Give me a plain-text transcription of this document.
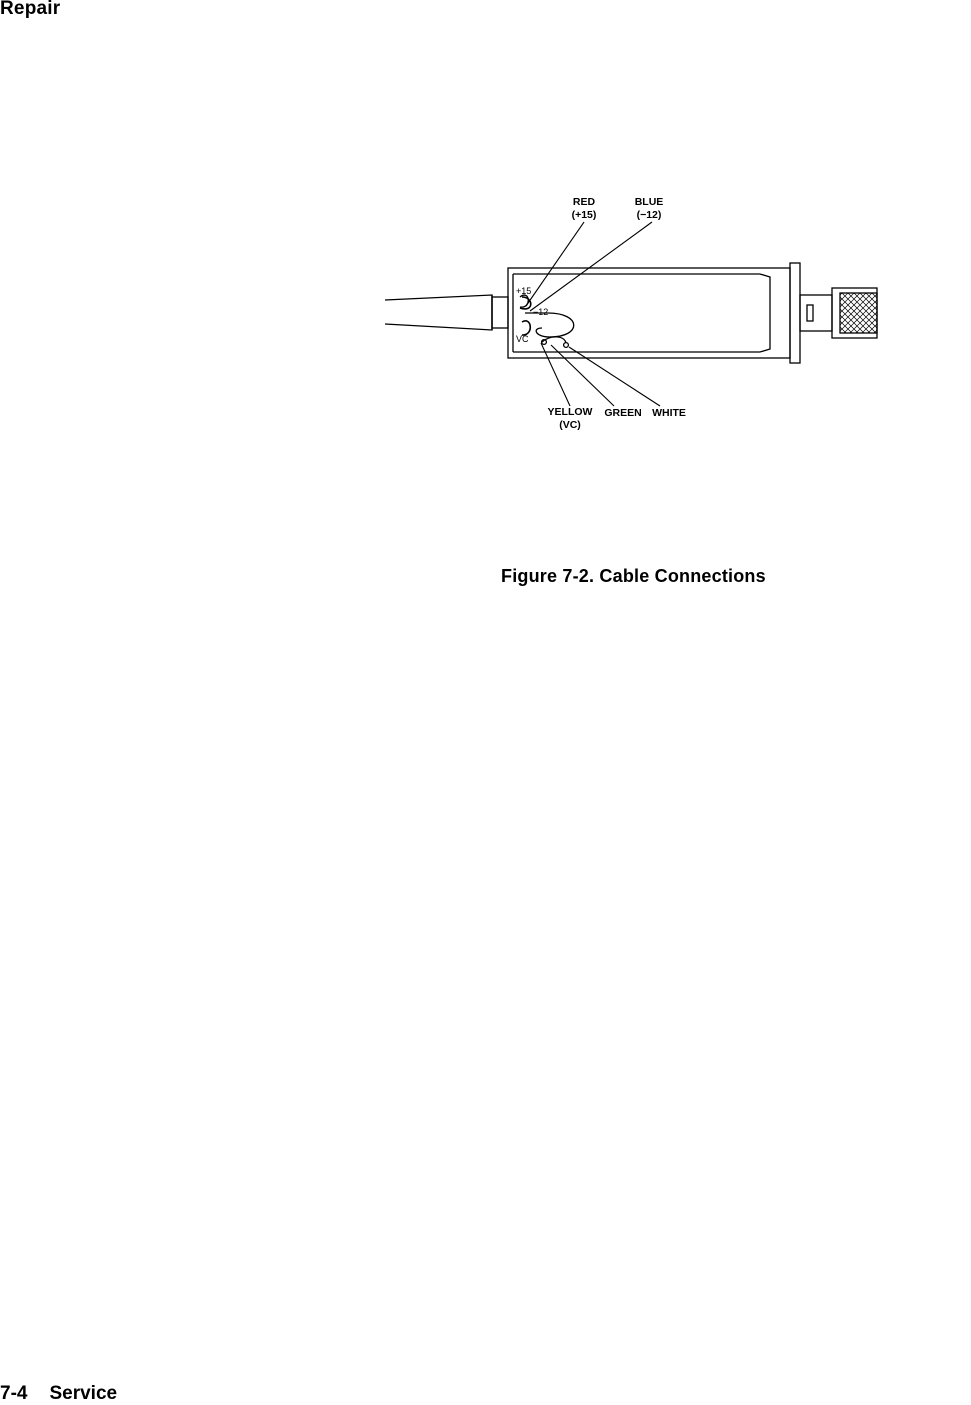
Repair
RED
(+15)
BLUE
(−12)
YELLOW
(VC)
GREEN WHITE
+15
−12
VC
Figure 7-2. Cable Connections
7-4 Service
